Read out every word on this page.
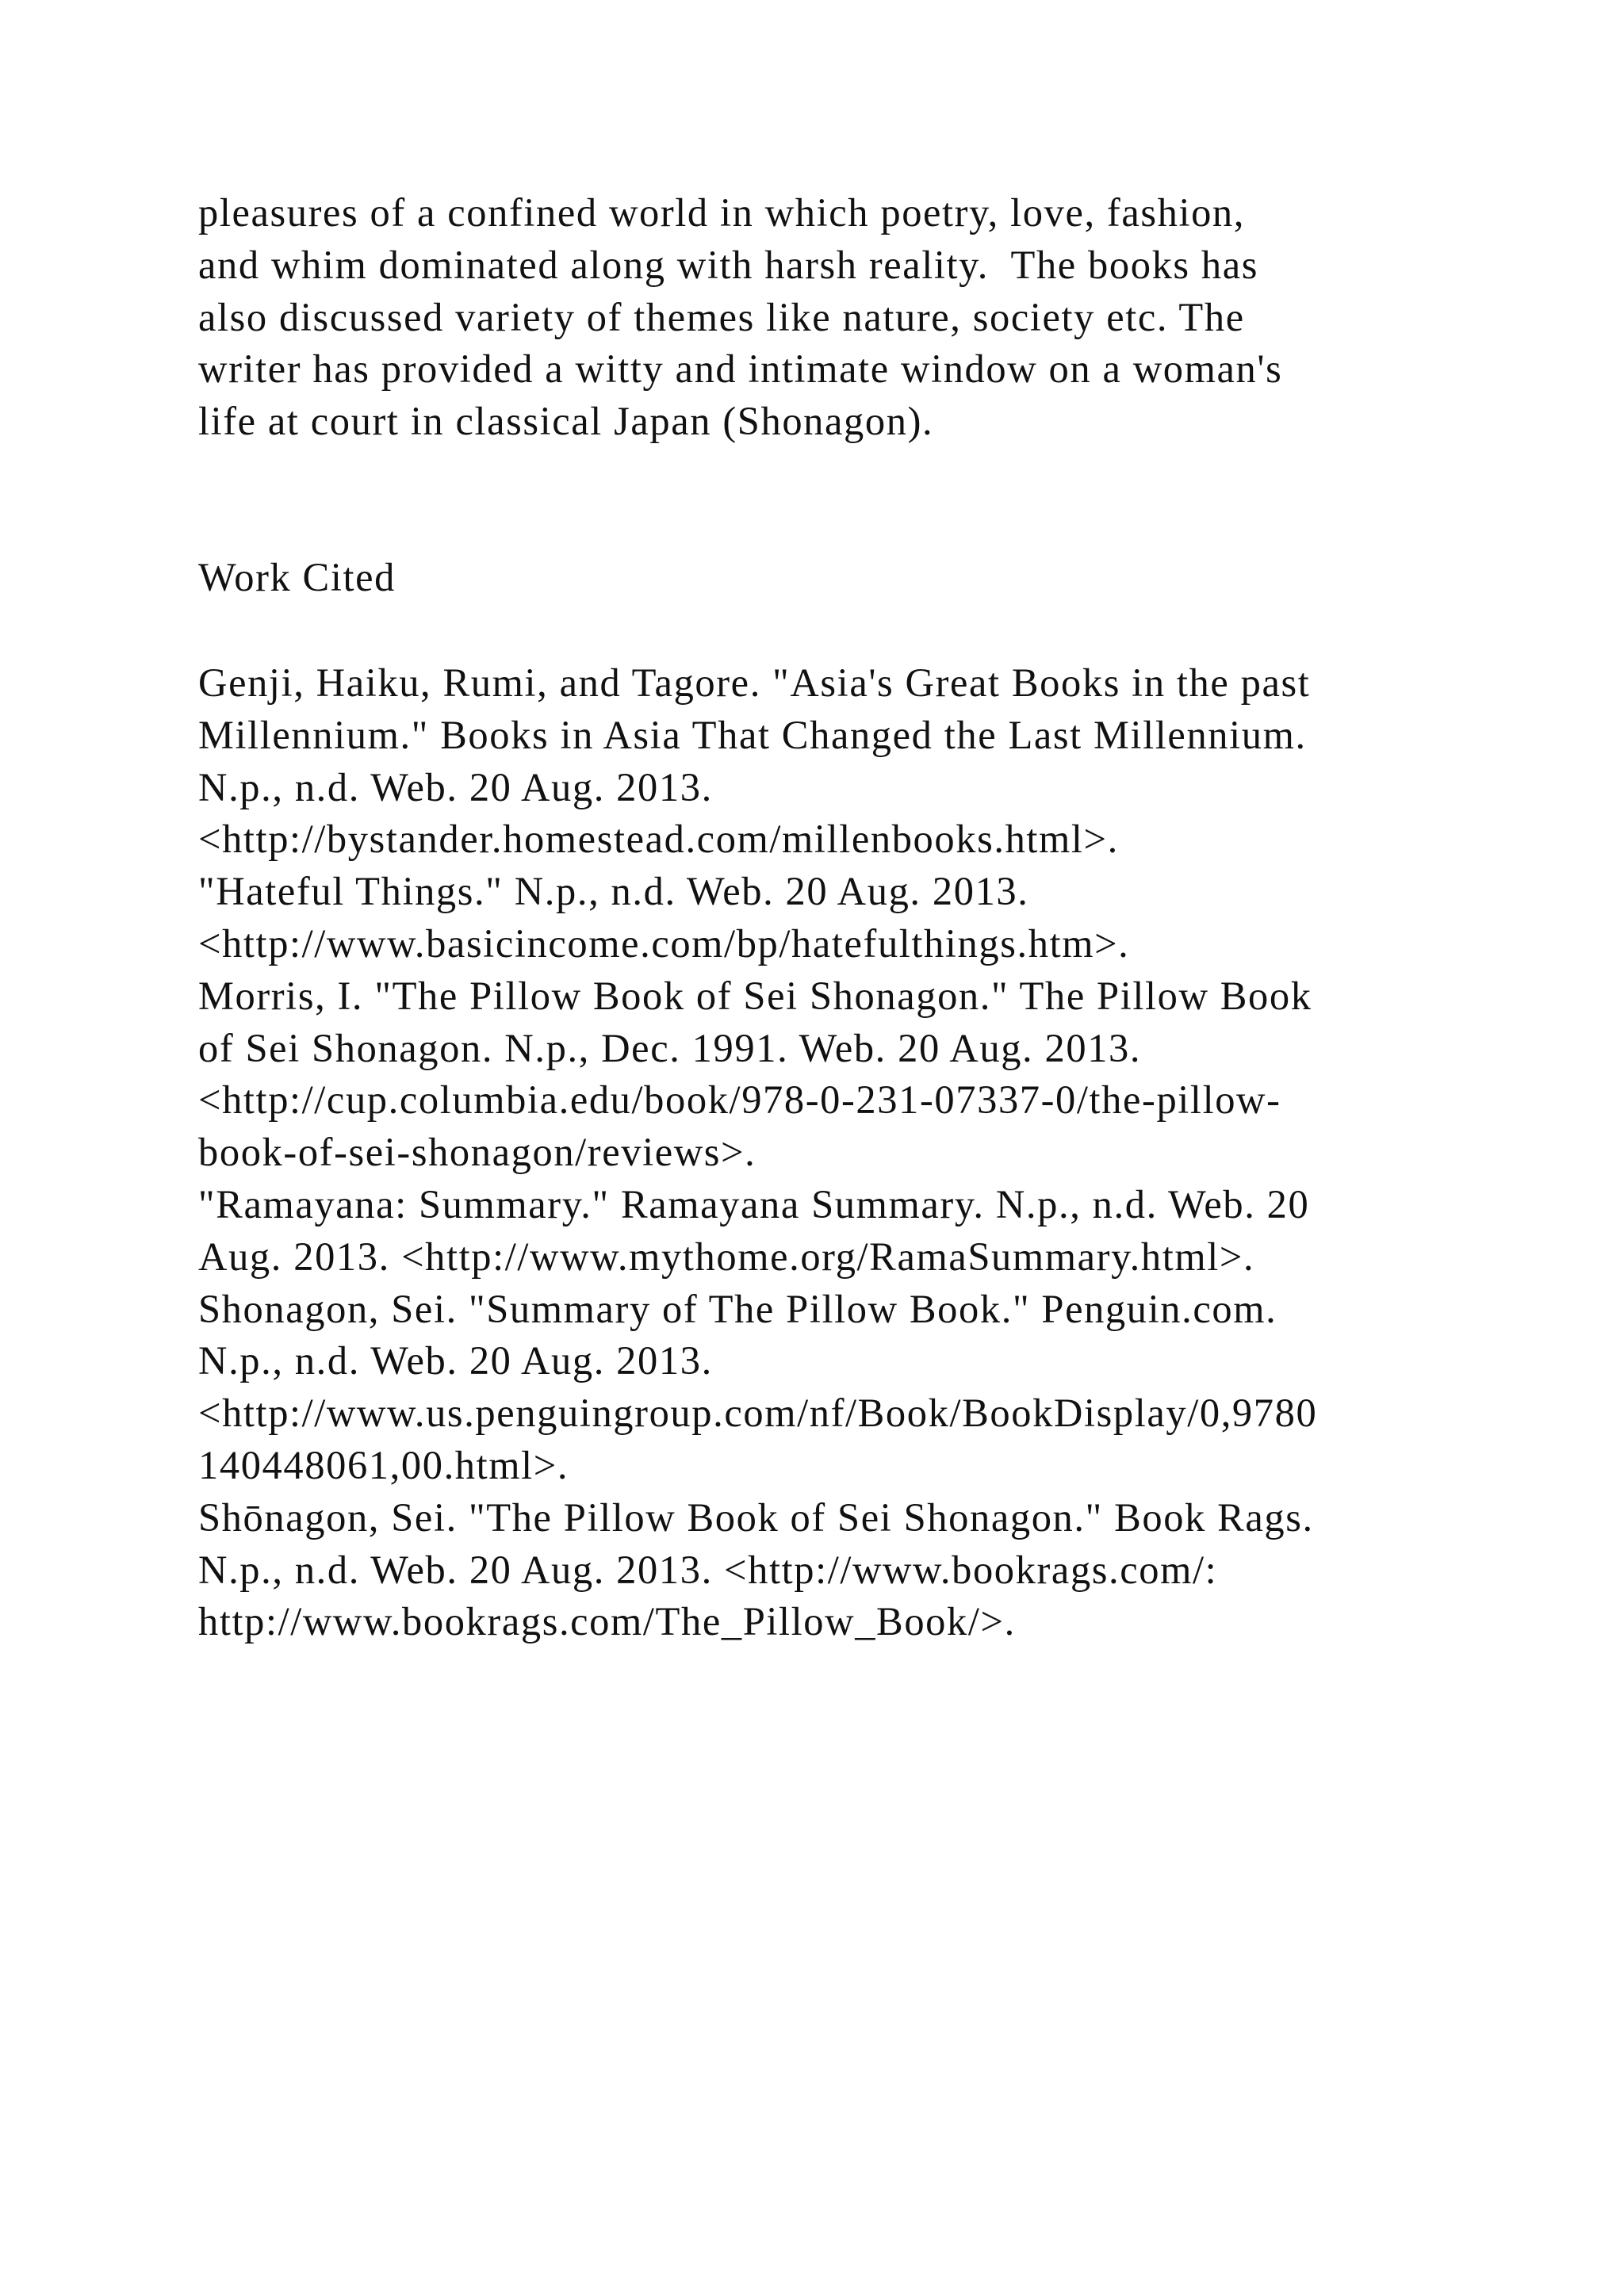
pleasures of a confined world in which poetry, love, fashion,
and whim dominated along with harsh reality.  The books has
also discussed variety of themes like nature, society etc. The
writer has provided a witty and intimate window on a woman's
life at court in classical Japan (Shonagon).
Work Cited
Genji, Haiku, Rumi, and Tagore. "Asia's Great Books in the past
Millennium." Books in Asia That Changed the Last Millennium.
N.p., n.d. Web. 20 Aug. 2013.
<http://bystander.homestead.com/millenbooks.html>.
"Hateful Things." N.p., n.d. Web. 20 Aug. 2013.
<http://www.basicincome.com/bp/hatefulthings.htm>.
Morris, I. "The Pillow Book of Sei Shonagon." The Pillow Book
of Sei Shonagon. N.p., Dec. 1991. Web. 20 Aug. 2013.
<http://cup.columbia.edu/book/978-0-231-07337-0/the-pillow-
book-of-sei-shonagon/reviews>.
"Ramayana: Summary." Ramayana Summary. N.p., n.d. Web. 20
Aug. 2013. <http://www.mythome.org/RamaSummary.html>.
Shonagon, Sei. "Summary of The Pillow Book." Penguin.com.
N.p., n.d. Web. 20 Aug. 2013.
<http://www.us.penguingroup.com/nf/Book/BookDisplay/0,9780
140448061,00.html>.
Shōnagon, Sei. "The Pillow Book of Sei Shonagon." Book Rags.
N.p., n.d. Web. 20 Aug. 2013. <http://www.bookrags.com/:
http://www.bookrags.com/The_Pillow_Book/>.
